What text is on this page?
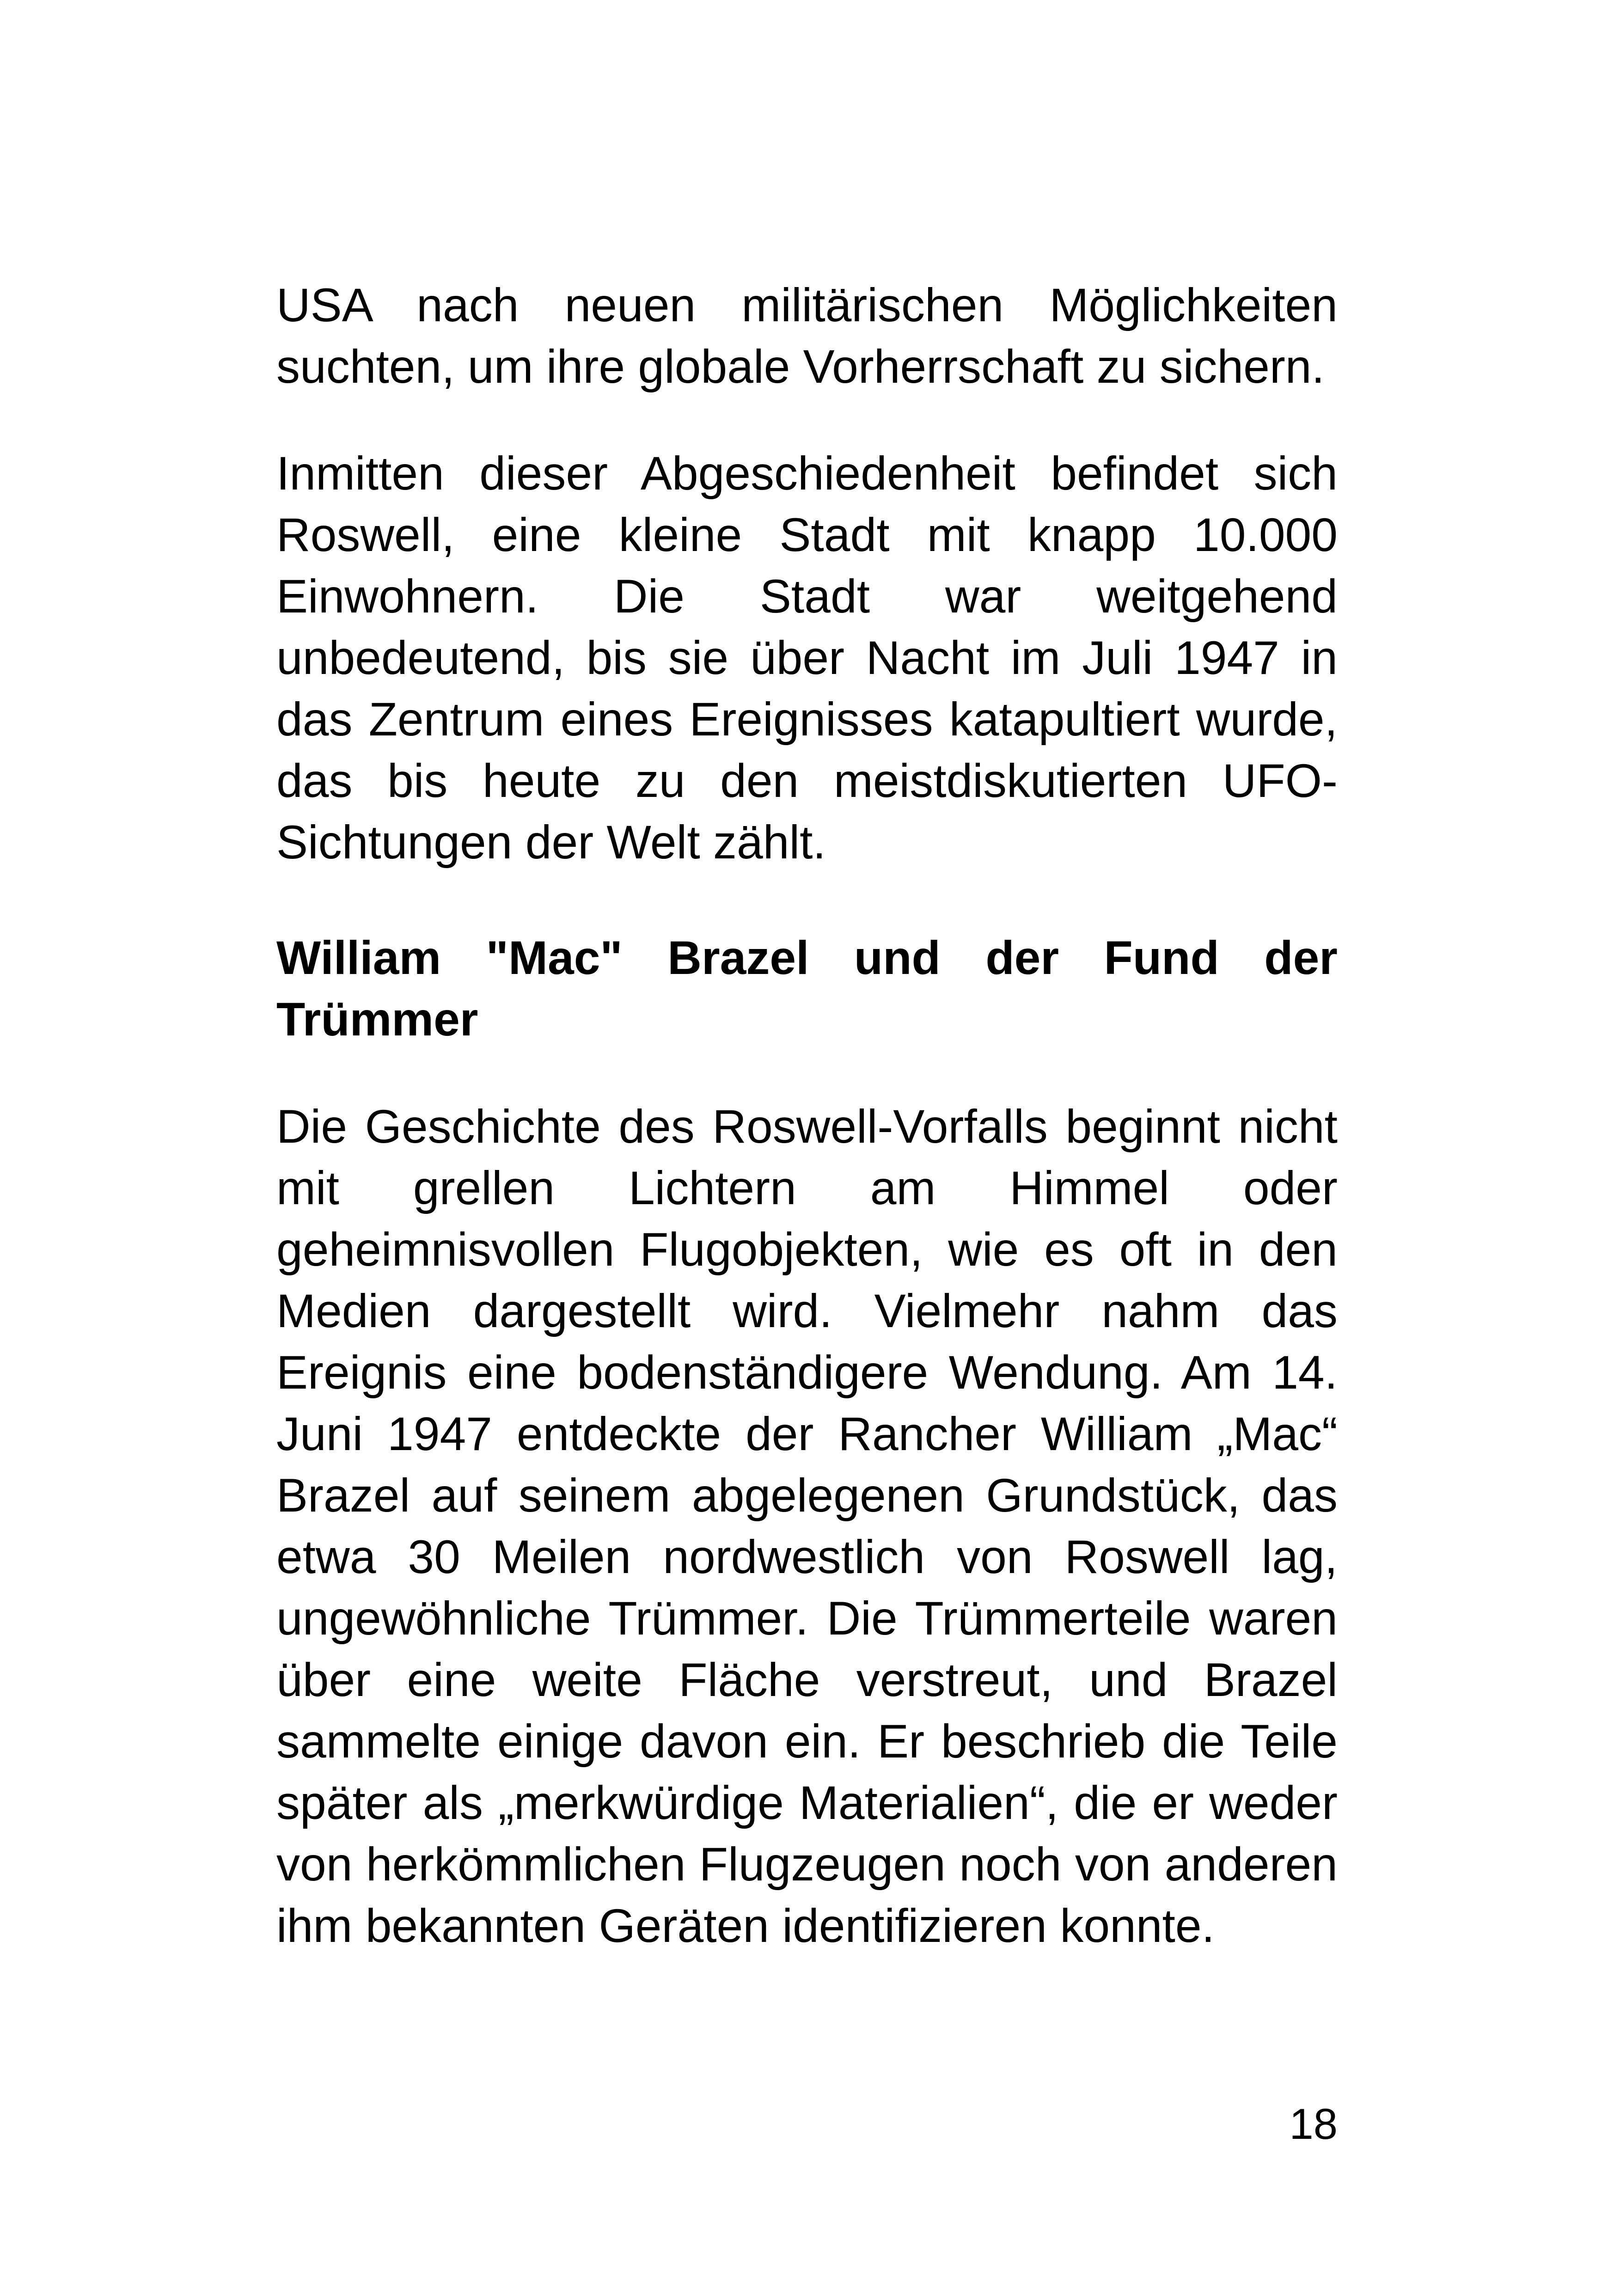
USA nach neuen militärischen Möglichkeiten suchten, um ihre globale Vorherrschaft zu sichern.

Inmitten dieser Abgeschiedenheit befindet sich Roswell, eine kleine Stadt mit knapp 10.000 Einwohnern. Die Stadt war weitgehend unbedeutend, bis sie über Nacht im Juli 1947 in das Zentrum eines Ereignisses katapultiert wurde, das bis heute zu den meistdiskutierten UFO-Sichtungen der Welt zählt.

William "Mac" Brazel und der Fund der Trümmer

Die Geschichte des Roswell-Vorfalls beginnt nicht mit grellen Lichtern am Himmel oder geheimnisvollen Flugobjekten, wie es oft in den Medien dargestellt wird. Vielmehr nahm das Ereignis eine bodenständigere Wendung. Am 14. Juni 1947 entdeckte der Rancher William „Mac“ Brazel auf seinem abgelegenen Grundstück, das etwa 30 Meilen nordwestlich von Roswell lag, ungewöhnliche Trümmer. Die Trümmerteile waren über eine weite Fläche verstreut, und Brazel sammelte einige davon ein. Er beschrieb die Teile später als „merkwürdige Materialien“, die er weder von herkömmlichen Flugzeugen noch von anderen ihm bekannten Geräten identifizieren konnte.

18
